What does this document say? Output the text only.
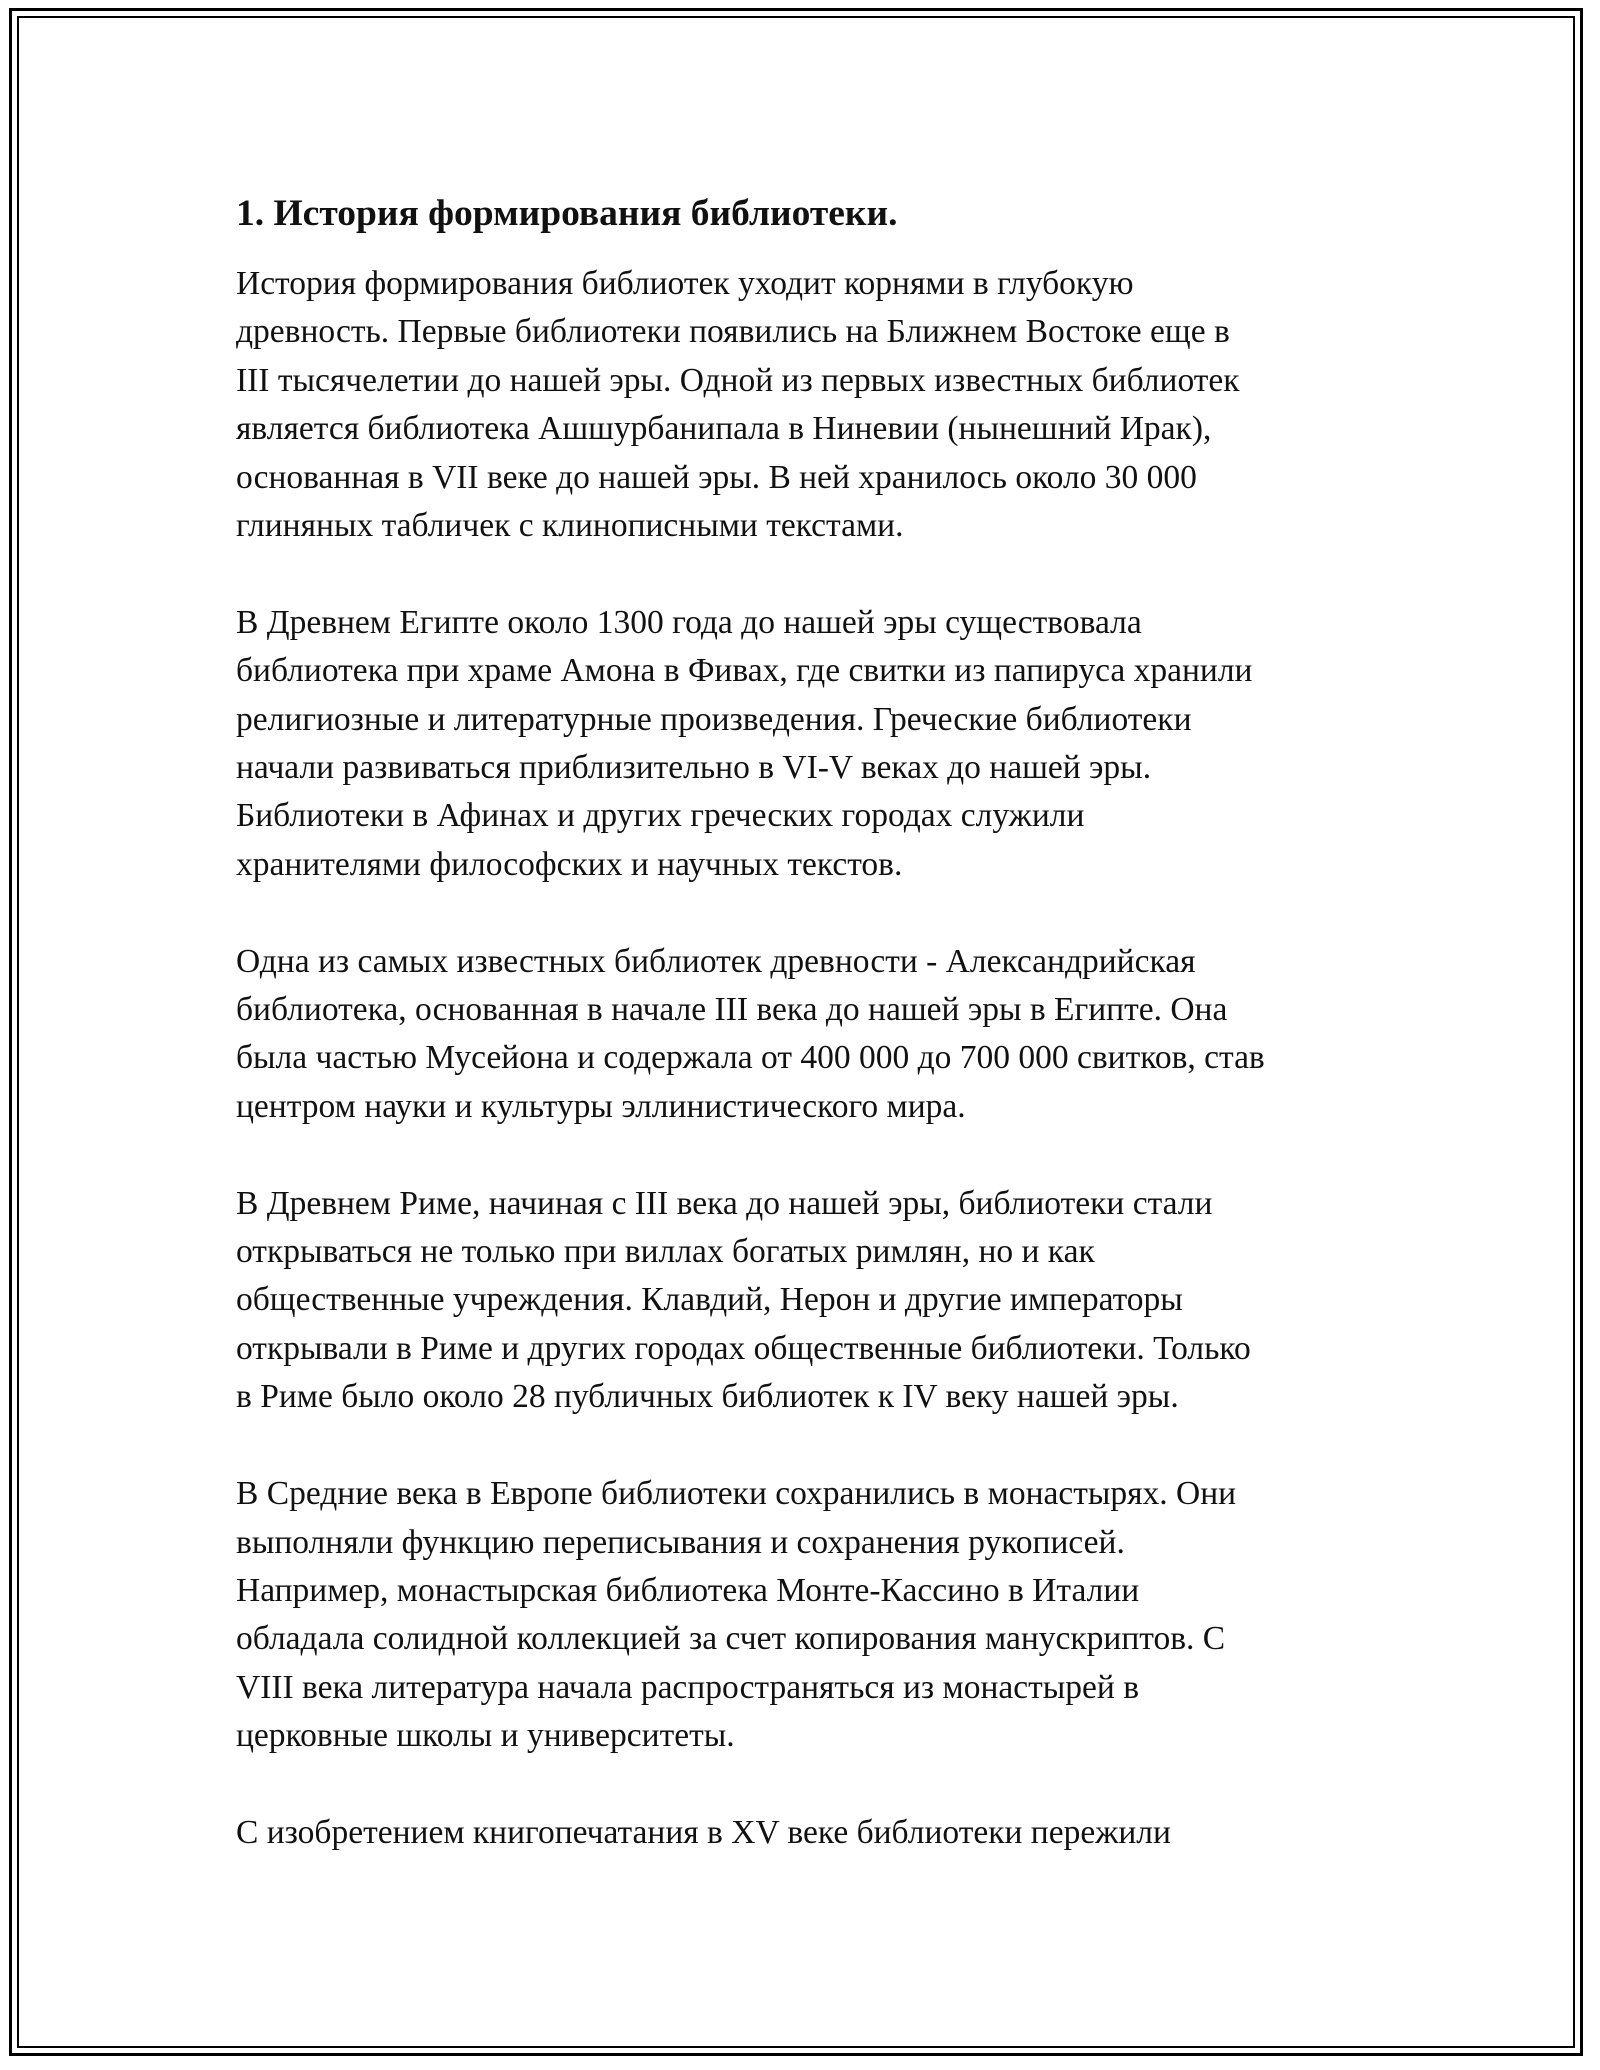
1. История формирования библиотеки.
История формирования библиотек уходит корнями в глубокую
древность. Первые библиотеки появились на Ближнем Востоке еще в
III тысячелетии до нашей эры. Одной из первых известных библиотек
является библиотека Ашшурбанипала в Ниневии (нынешний Ирак),
основанная в VII веке до нашей эры. В ней хранилось около 30 000
глиняных табличек с клинописными текстами.
В Древнем Египте около 1300 года до нашей эры существовала
библиотека при храме Амона в Фивах, где свитки из папируса хранили
религиозные и литературные произведения. Греческие библиотеки
начали развиваться приблизительно в VI-V веках до нашей эры.
Библиотеки в Афинах и других греческих городах служили
хранителями философских и научных текстов.
Одна из самых известных библиотек древности - Александрийская
библиотека, основанная в начале III века до нашей эры в Египте. Она
была частью Мусейона и содержала от 400 000 до 700 000 свитков, став
центром науки и культуры эллинистического мира.
В Древнем Риме, начиная с III века до нашей эры, библиотеки стали
открываться не только при виллах богатых римлян, но и как
общественные учреждения. Клавдий, Нерон и другие императоры
открывали в Риме и других городах общественные библиотеки. Только
в Риме было около 28 публичных библиотек к IV веку нашей эры.
В Средние века в Европе библиотеки сохранились в монастырях. Они
выполняли функцию переписывания и сохранения рукописей.
Например, монастырская библиотека Монте-Кассино в Италии
обладала солидной коллекцией за счет копирования манускриптов. С
VIII века литература начала распространяться из монастырей в
церковные школы и университеты.
С изобретением книгопечатания в XV веке библиотеки пережили
